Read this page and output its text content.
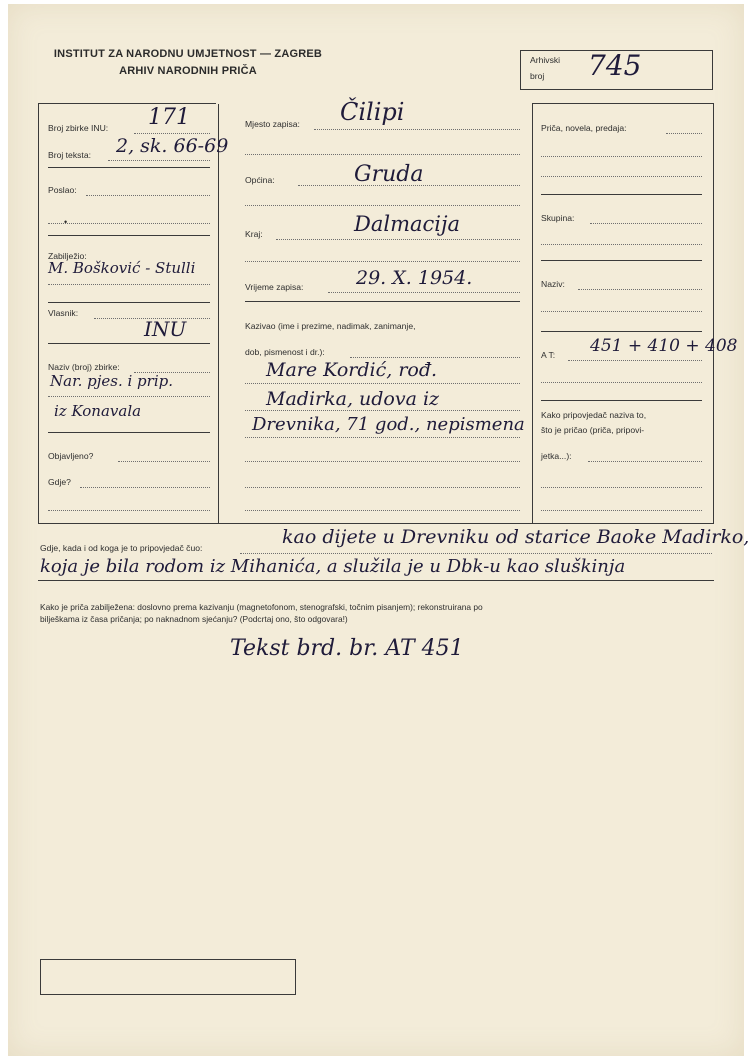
INSTITUT ZA NARODNU UMJETNOST — ZAGREB
ARHIV NARODNIH PRIČA
Arhivski
broj 745
Broj zbirke INU: 171
Broj teksta: 2, sk. 66-69
Poslao:
•
Zabilježio:
M. Bošković - Stulli
Vlasnik:
INU
Naziv (broj) zbirke:
Nar. pjes. i prip.
iz Konavala
Objavljeno?
Gdje?
Mjesto zapisa: Čilipi
Općina:	Gruda
Kraj:	Dalmacija
Vrijeme zapisa:	29. X. 1954.
Kazivao (ime i prezime, nadimak, zanimanje,
dob, pismenost i dr.):
Mare Kordić, rođ.
Madirka, udova iz
Drevnika, 71 god., nepismena
Priča, novela, predaja:
Skupina:
Naziv:
A T: 451 + 410 + 408
Kako pripovjedač naziva to,
što je pričao (priča, pripovi-
jetka...):
Gdje, kada i od koga je to pripovjedač čuo:	kao dijete u Drevniku od starice Baoke Madirko,
koja je bila rodom iz Mihanića, a služila je u Dbk-u kao sluškinja
Kako je priča zabilježena: doslovno prema kazivanju (magnetofonom, stenografski, točnim pisanjem); rekonstruirana po
bilješkama iz časa pričanja; po naknadnom sjećanju? (Podcrtaj ono, što odgovara!)
Tekst brd. br. AT 451
